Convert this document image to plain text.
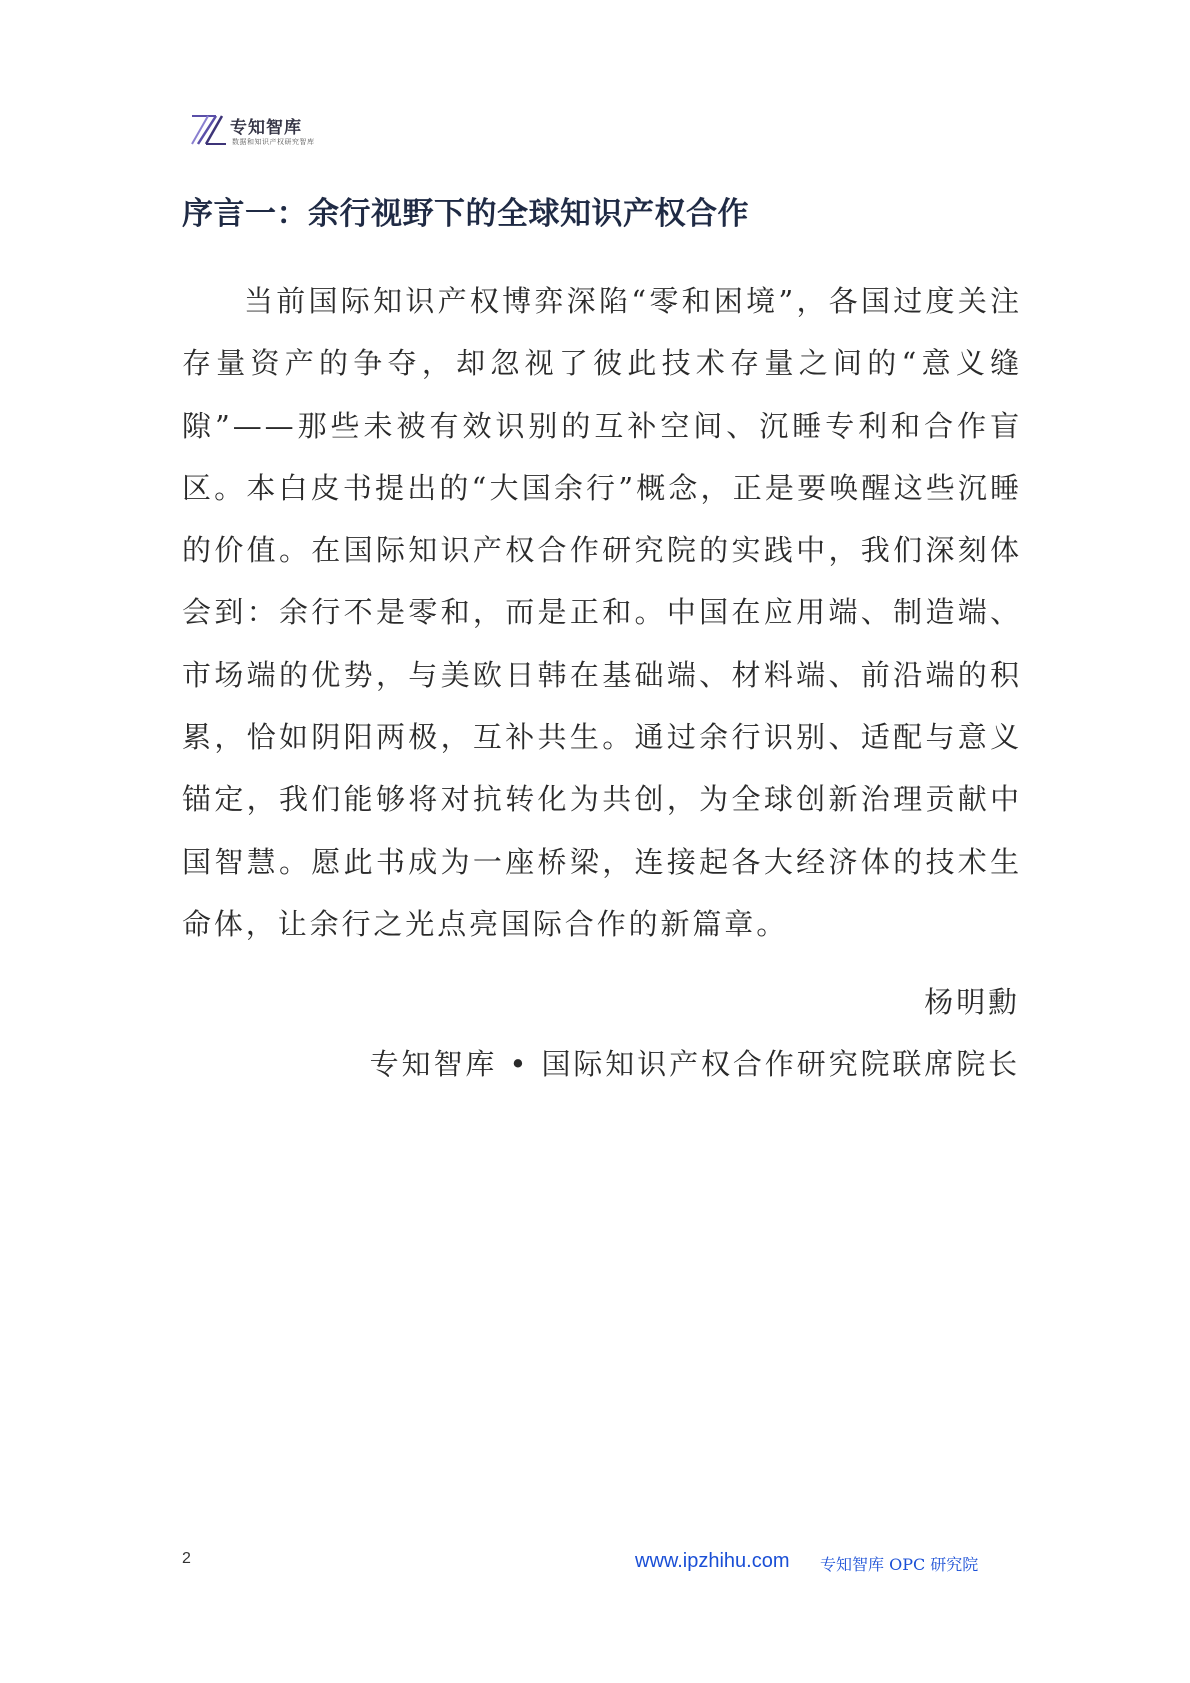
专知智库
数据和知识产权研究智库
序言一：余行视野下的全球知识产权合作

当前国际知识产权博弈深陷“零和困境”，各国过度关注存量资产的争夺，却忽视了彼此技术存量之间的“意义缝隙”——那些未被有效识别的互补空间、沉睡专利和合作盲区。本白皮书提出的“大国余行”概念，正是要唤醒这些沉睡的价值。在国际知识产权合作研究院的实践中，我们深刻体会到：余行不是零和，而是正和。中国在应用端、制造端、市场端的优势，与美欧日韩在基础端、材料端、前沿端的积累，恰如阴阳两极，互补共生。通过余行识别、适配与意义锚定，我们能够将对抗转化为共创，为全球创新治理贡献中国智慧。愿此书成为一座桥梁，连接起各大经济体的技术生命体，让余行之光点亮国际合作的新篇章。

杨明勳
专知智库 • 国际知识产权合作研究院联席院长
2	www.ipzhihu.com 专知智库 OPC 研究院
